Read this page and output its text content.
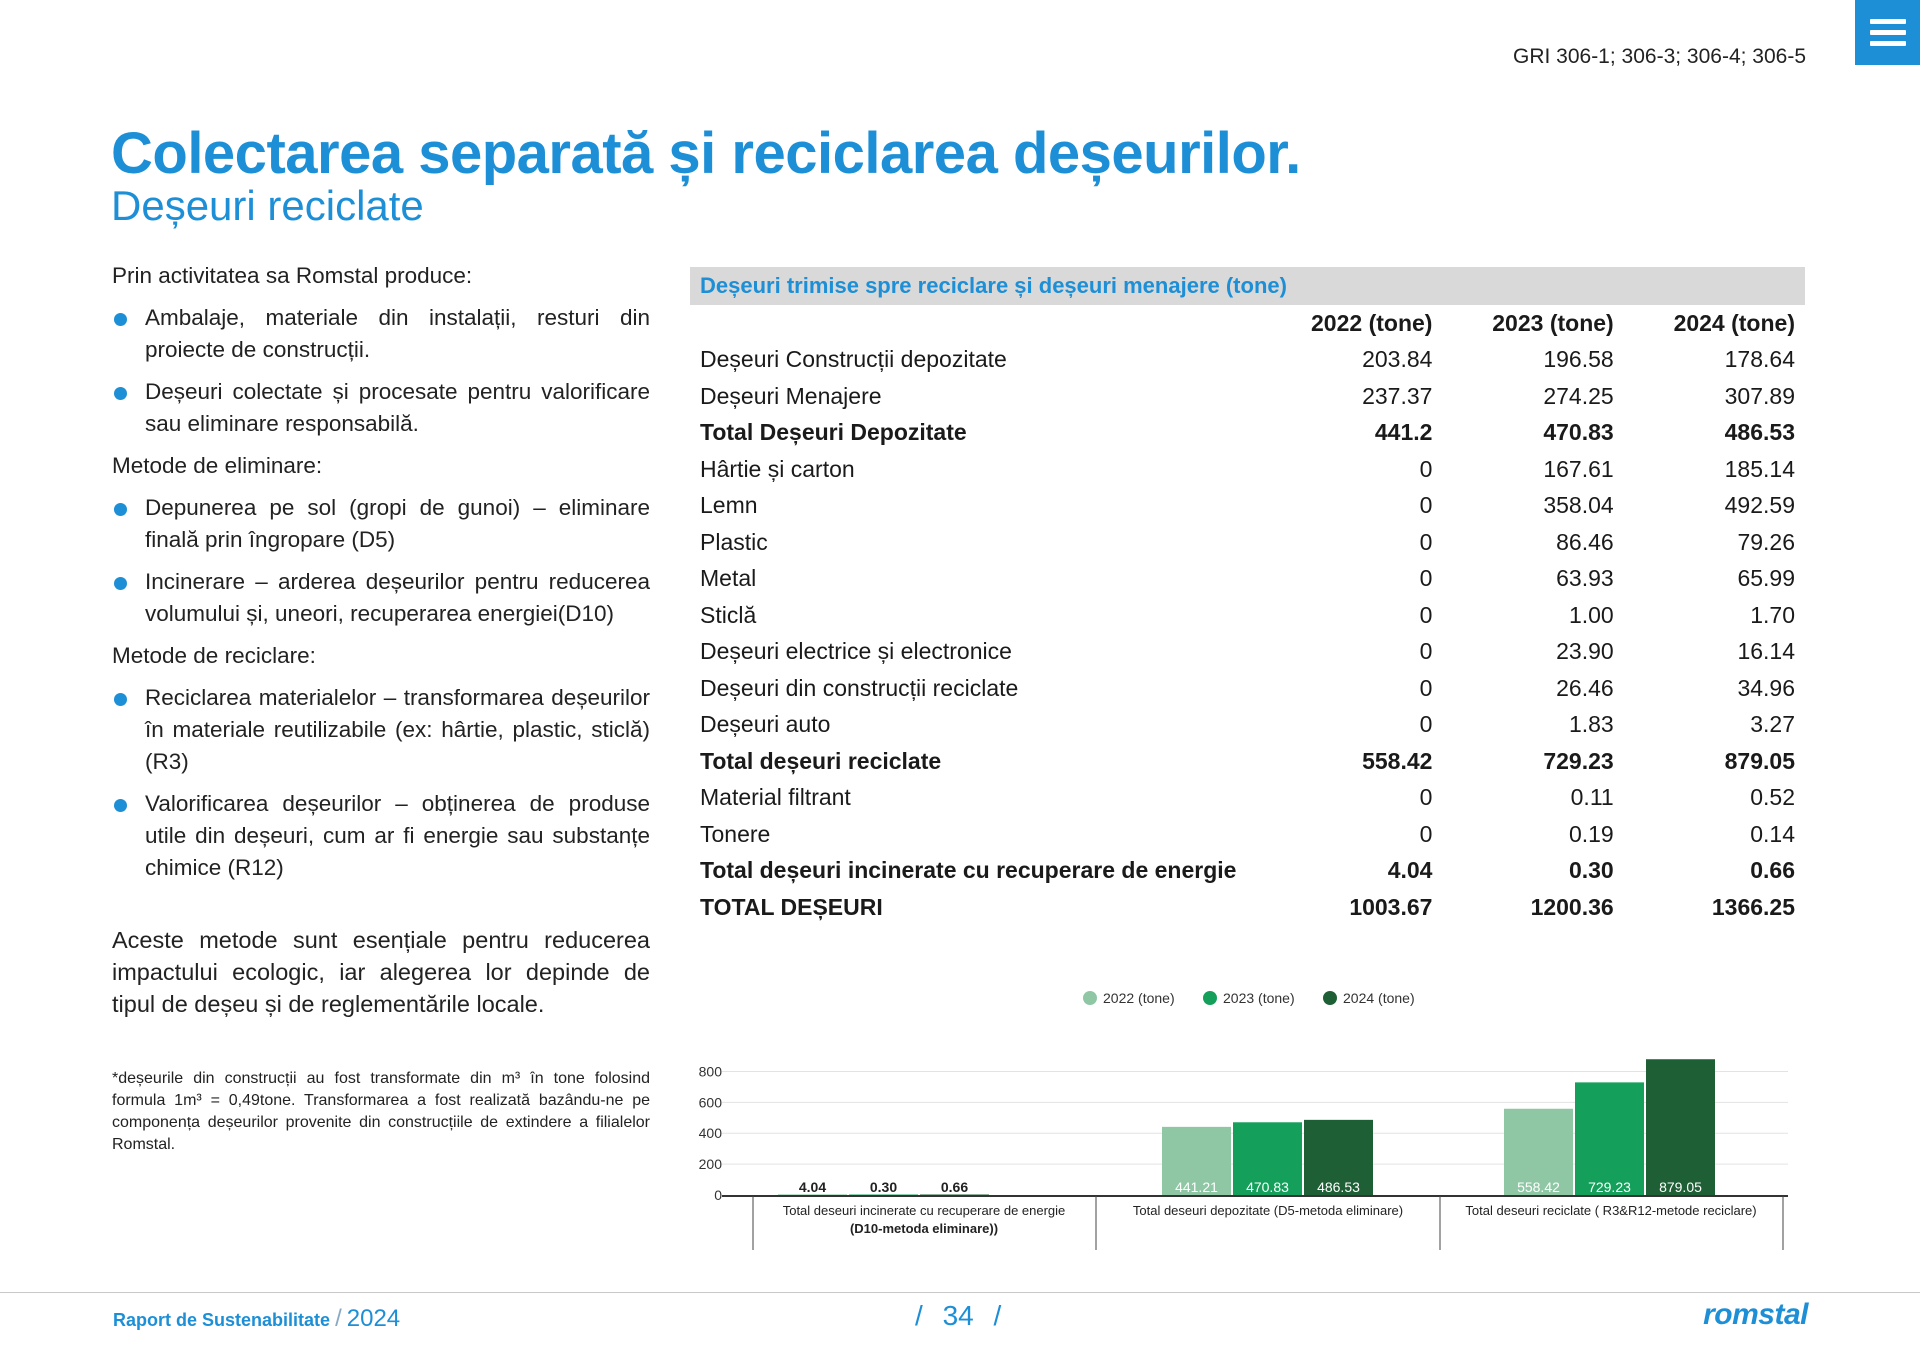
GRI 306-1; 306-3; 306-4; 306-5
Colectarea separată și reciclarea deșeurilor.
Deșeuri reciclate

Prin activitatea sa Romstal produce:

Ambalaje, materiale din instalații, resturi din proiecte de construcții.
Deșeuri colectate și procesate pentru valorificare sau eliminare responsabilă.

Metode de eliminare:

Depunerea pe sol (gropi de gunoi) – eliminare finală prin îngropare (D5)
Incinerare – arderea deșeurilor pentru reducerea volumului și, uneori, recuperarea energiei(D10)

Metode de reciclare:

Reciclarea materialelor – transformarea deșeurilor în materiale reutilizabile (ex: hârtie, plastic, sticlă)(R3)
Valorificarea deșeurilor – obținerea de produse utile din deșeuri, cum ar fi energie sau substanțe chimice (R12)

Aceste metode sunt esențiale pentru reducerea impactului ecologic, iar alegerea lor depinde de tipul de deșeu și de reglementările locale.

*deșeurile din construcții au fost transformate din m³ în tone folosind formula 1m³ = 0,49tone. Transformarea a fost realizată bazându-ne pe componența deșeurilor provenite din construcțiile de extindere a filialelor Romstal.

Deșeuri trimise spre reciclare și deșeuri menajere (tone)
	2022 (tone)	2023 (tone)	2024 (tone)
Deșeuri Construcții depozitate	203.84	196.58	178.64
Deșeuri Menajere	237.37	274.25	307.89
Total Deșeuri Depozitate	441.2	470.83	486.53
Hârtie și carton	0	167.61	185.14
Lemn	0	358.04	492.59
Plastic	0	86.46	79.26
Metal	0	63.93	65.99
Sticlă	0	1.00	1.70
Deșeuri electrice și electronice	0	23.90	16.14
Deșeuri din construcții reciclate	0	26.46	34.96
Deșeuri auto	0	1.83	3.27
Total deșeuri reciclate	558.42	729.23	879.05
Material filtrant	0	0.11	0.52
Tonere	0	0.19	0.14
Total deșeuri incinerate cu recuperare de energie	4.04	0.30	0.66
TOTAL DEȘEURI	1003.67	1200.36	1366.25
2022 (tone)	2023 (tone)	2024 (tone)
0
200
400
600
800
4.04	0.30	0.66	441.21 470.83 486.53	558.42 729.23 879.05
Total deseuri incinerate cu recuperare de energie (D10-metoda eliminare))
Total deseuri depozitate (D5-metoda eliminare)	Total deseuri reciclate ( R3&R12-metode reciclare)
Raport de Sustenabilitate / 2024	/ 34 /	romstal
